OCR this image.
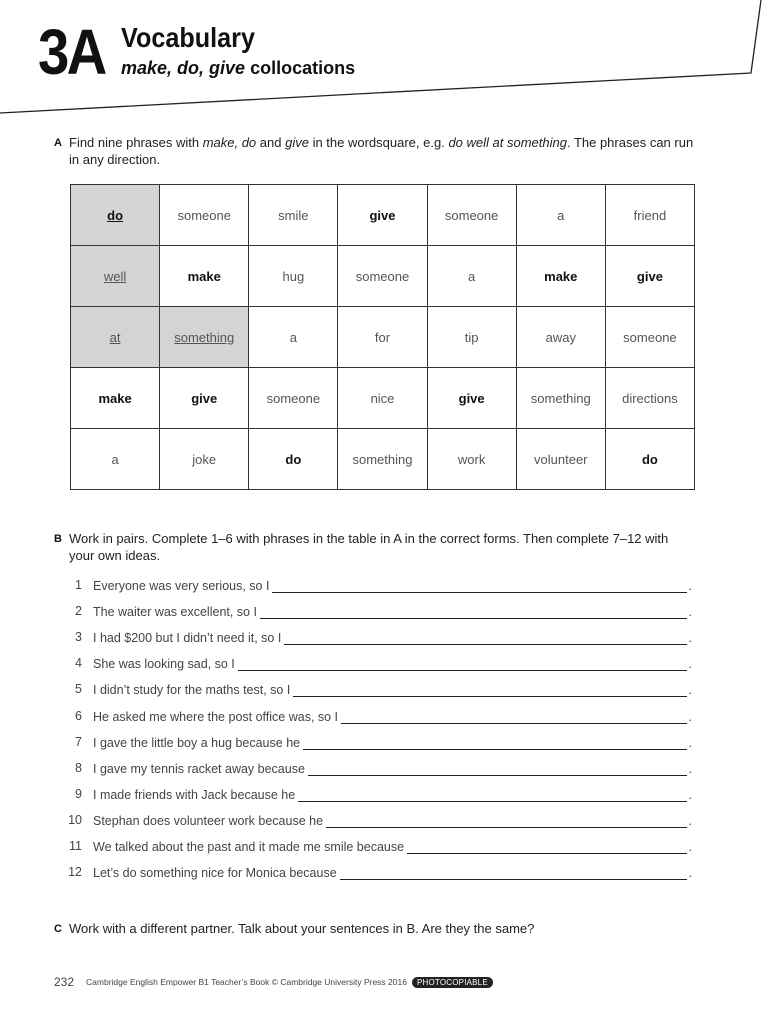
3A Vocabulary
make, do, give collocations
A Find nine phrases with make, do and give in the wordsquare, e.g. do well at something. The phrases can run in any direction.
do	someone	smile	give	someone	a	friend
well	make	hug	someone	a	make	give
at	something	a	for	tip	away	someone
make	give	someone	nice	give	something	directions
a	joke	do	something	work	volunteer	do
B Work in pairs. Complete 1–6 with phrases in the table in A in the correct forms. Then complete 7–12 with your own ideas.
1 Everyone was very serious, so I	.
2 The waiter was excellent, so I	.
3 I had $200 but I didn’t need it, so I	.
4 She was looking sad, so I	.
5 I didn’t study for the maths test, so I	.
6 He asked me where the post office was, so I	.
7 I gave the little boy a hug because he	.
8 I gave my tennis racket away because	.
9 I made friends with Jack because he	.
10 Stephan does volunteer work because he	.
11 We talked about the past and it made me smile because	.
12 Let’s do something nice for Monica because	.
C Work with a different partner. Talk about your sentences in B. Are they the same?
232 Cambridge English Empower B1 Teacher’s Book © Cambridge University Press 2016	PHOTOCOPIABLE
